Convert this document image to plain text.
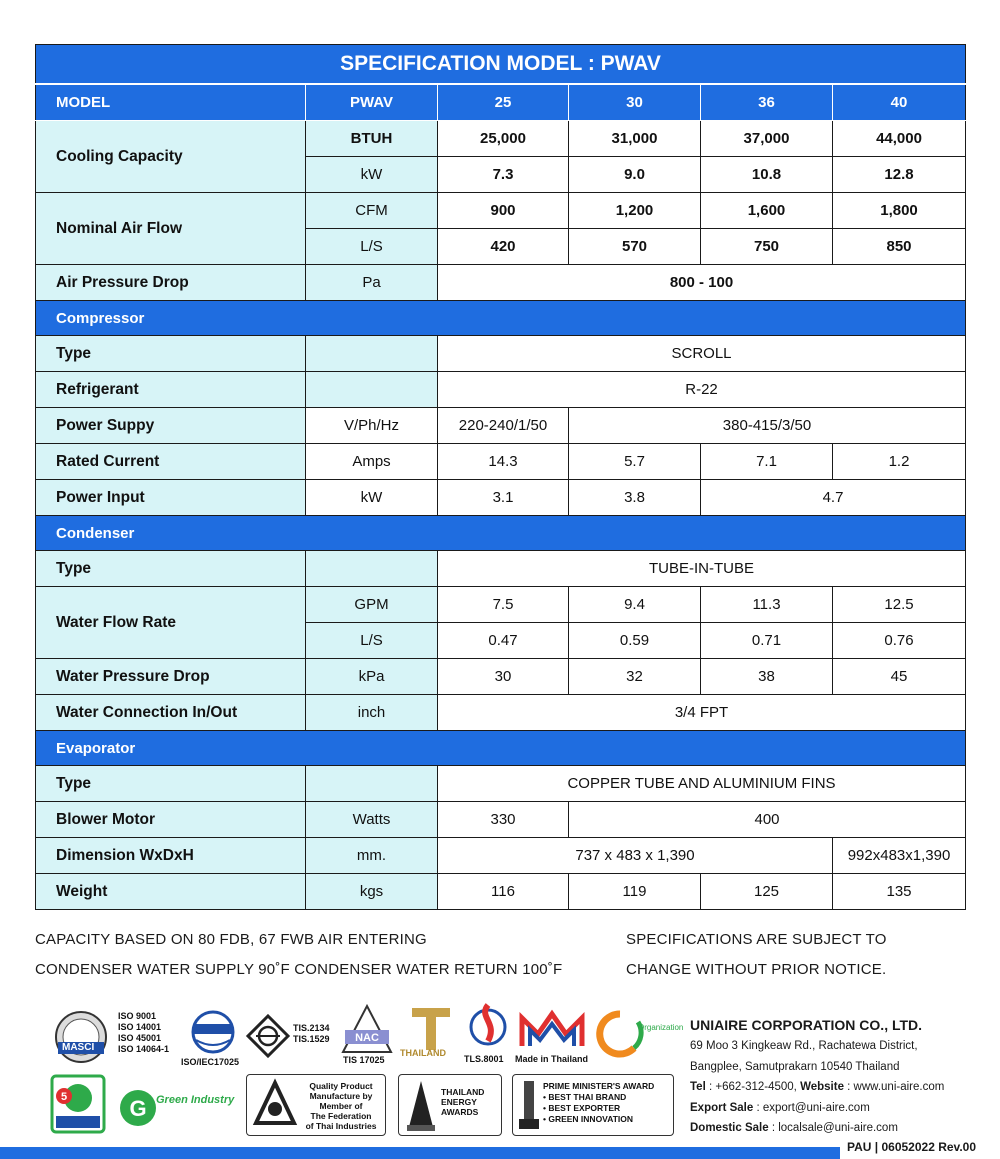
SPECIFICATION MODEL : PWAV					
MODEL	PWAV	25	30	36	40
Cooling Capacity	BTUH	25,000	31,000	37,000	44,000
	kW	7.3	9.0	10.8	12.8
Nominal Air Flow	CFM	900	1,200	1,600	1,800
	L/S	420	570	750	850
Air Pressure Drop	Pa	800 - 100			
Compressor					
Type		SCROLL			
Refrigerant		R-22			
Power Suppy	V/Ph/Hz	220-240/1/50	380-415/3/50		
Rated Current	Amps	14.3	5.7	7.1	1.2
Power Input	kW	3.1	3.8	4.7	
Condenser					
Type		TUBE-IN-TUBE			
Water Flow Rate	GPM	7.5	9.4	11.3	12.5
	L/S	0.47	0.59	0.71	0.76
Water Pressure Drop	kPa	30	32	38	45
Water Connection In/Out	inch	3/4 FPT			
Evaporator					
Type		COPPER TUBE AND ALUMINIUM FINS			
Blower Motor	Watts	330	400		
Dimension WxDxH	mm.	737 x 483 x 1,390			992x483x1,390
Weight	kgs	116	119	125	135
CAPACITY BASED ON 80 FDB, 67 FWB AIR ENTERING
CONDENSER WATER SUPPLY 90˚F CONDENSER WATER RETURN 100˚F
SPECIFICATIONS ARE SUBJECT TO
CHANGE WITHOUT PRIOR NOTICE.
MASCI
ISO 9001
ISO 14001
ISO 45001
ISO 14064-1
ISO/IEC17025
TIS.2134
TIS.1529 NAC
TIS 17025
THAILAND
TLS.8001 Made in Thailand
Organization
5	G Green Industry
Quality Product
Manufacture by
Member of
The Federation
of Thai Industries
THAILAND
ENERGY
AWARDS
PRIME MINISTER'S AWARD
• BEST THAI BRAND
• BEST EXPORTER
• GREEN INNOVATION
UNIAIRE CORPORATION CO., LTD.
69 Moo 3 Kingkeaw Rd., Rachatewa District,
Bangplee, Samutprakarn 10540 Thailand
Tel : +662-312-4500, Website : www.uni-aire.com
Export Sale : export@uni-aire.com
Domestic Sale : localsale@uni-aire.com
PAU | 06052022 Rev.00
